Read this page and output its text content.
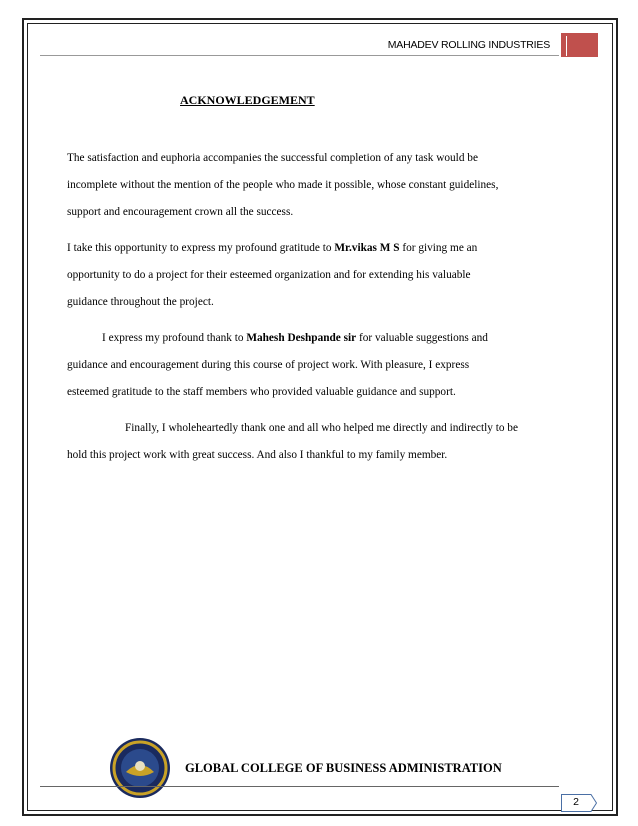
MAHADEV ROLLING INDUSTRIES
ACKNOWLEDGEMENT
The satisfaction and euphoria accompanies the successful completion of any task would be
incomplete without the mention of the people who made it possible, whose constant guidelines,
support and encouragement crown all the success.
I take this opportunity to express my profound gratitude to Mr.vikas M S for giving me an
opportunity to do a project for their esteemed organization and for extending his valuable
guidance throughout the project.
I express my profound thank to Mahesh Deshpande sir for valuable suggestions and
guidance and encouragement during this course of project work. With pleasure, I express
esteemed gratitude to the staff members who provided valuable guidance and support.
Finally, I wholeheartedly thank one and all who helped me directly and indirectly to be
hold this project work with great success. And also I thankful to my family member.
GLOBAL COLLEGE OF BUSINESS ADMINISTRATION
2
